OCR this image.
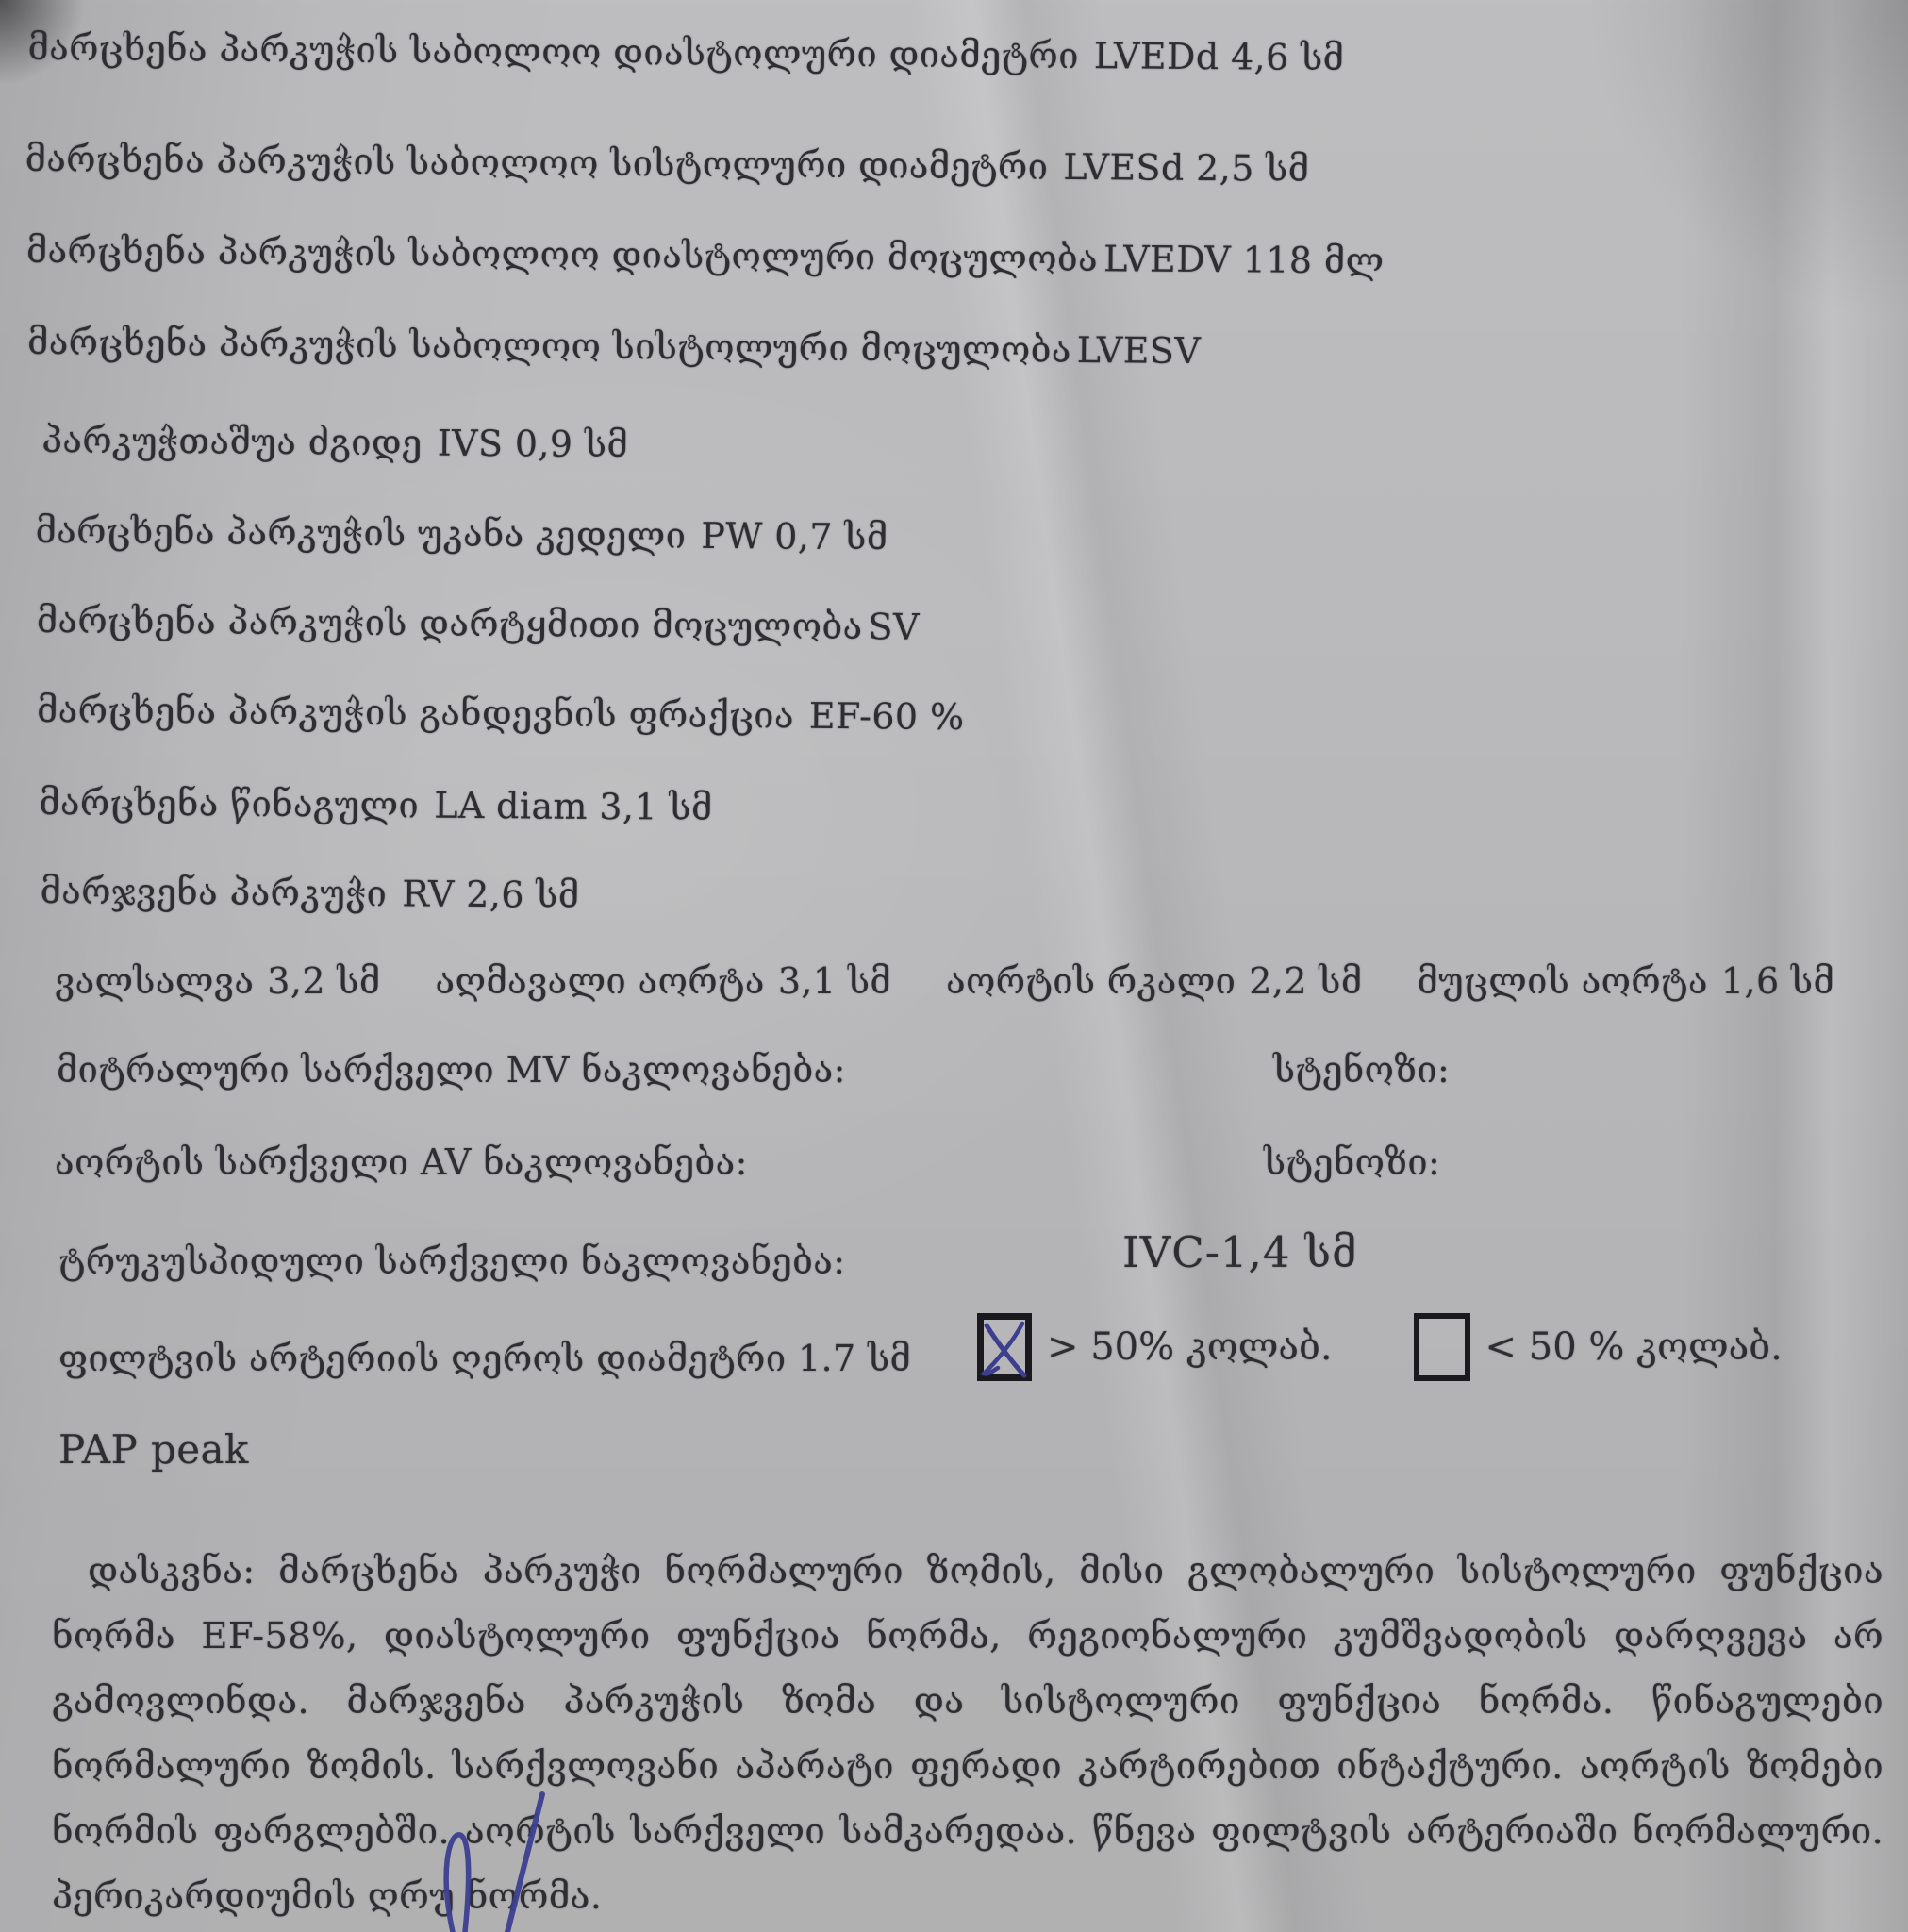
მარცხენა პარკუჭის საბოლოო დიასტოლური დიამეტრი LVEDd 4,6 სმ
მარცხენა პარკუჭის საბოლოო სისტოლური დიამეტრი LVESd 2,5 სმ
მარცხენა პარკუჭის საბოლოო დიასტოლური მოცულობა LVEDV 118 მლ
მარცხენა პარკუჭის საბოლოო სისტოლური მოცულობა LVESV
პარკუჭთაშუა ძგიდე IVS 0,9 სმ
მარცხენა პარკუჭის უკანა კედელი PW 0,7 სმ
მარცხენა პარკუჭის დარტყმითი მოცულობა SV
მარცხენა პარკუჭის განდევნის ფრაქცია EF-60 %
მარცხენა წინაგული LA diam 3,1 სმ
მარჯვენა პარკუჭი RV 2,6 სმ
ვალსალვა 3,2 სმ აღმავალი აორტა 3,1 სმ აორტის რკალი 2,2 სმ მუცლის აორტა 1,6 სმ
მიტრალური სარქველი MV ნაკლოვანება:	სტენოზი:
აორტის სარქველი AV ნაკლოვანება:	სტენოზი:
ტრუკუსპიდული სარქველი ნაკლოვანება:	IVC-1,4 სმ
ფილტვის არტერიის ღეროს დიამეტრი 1.7 სმ	> 50% კოლაბ.	< 50 % კოლაბ.
PAP peak

დასკვნა: მარცხენა პარკუჭი ნორმალური ზომის, მისი გლობალური სისტოლური ფუნქცია ნორმა EF-58%, დიასტოლური ფუნქცია ნორმა, რეგიონალური კუმშვადობის დარღვევა არ გამოვლინდა. მარჯვენა პარკუჭის ზომა და სისტოლური ფუნქცია ნორმა. წინაგულები ნორმალური ზომის. სარქვლოვანი აპარატი ფერადი კარტირებით ინტაქტური. აორტის ზომები ნორმის ფარგლებში. აორტის სარქველი სამკარედაა. წნევა ფილტვის არტერიაში ნორმალური. პერიკარდიუმის ღრუ ნორმა.
